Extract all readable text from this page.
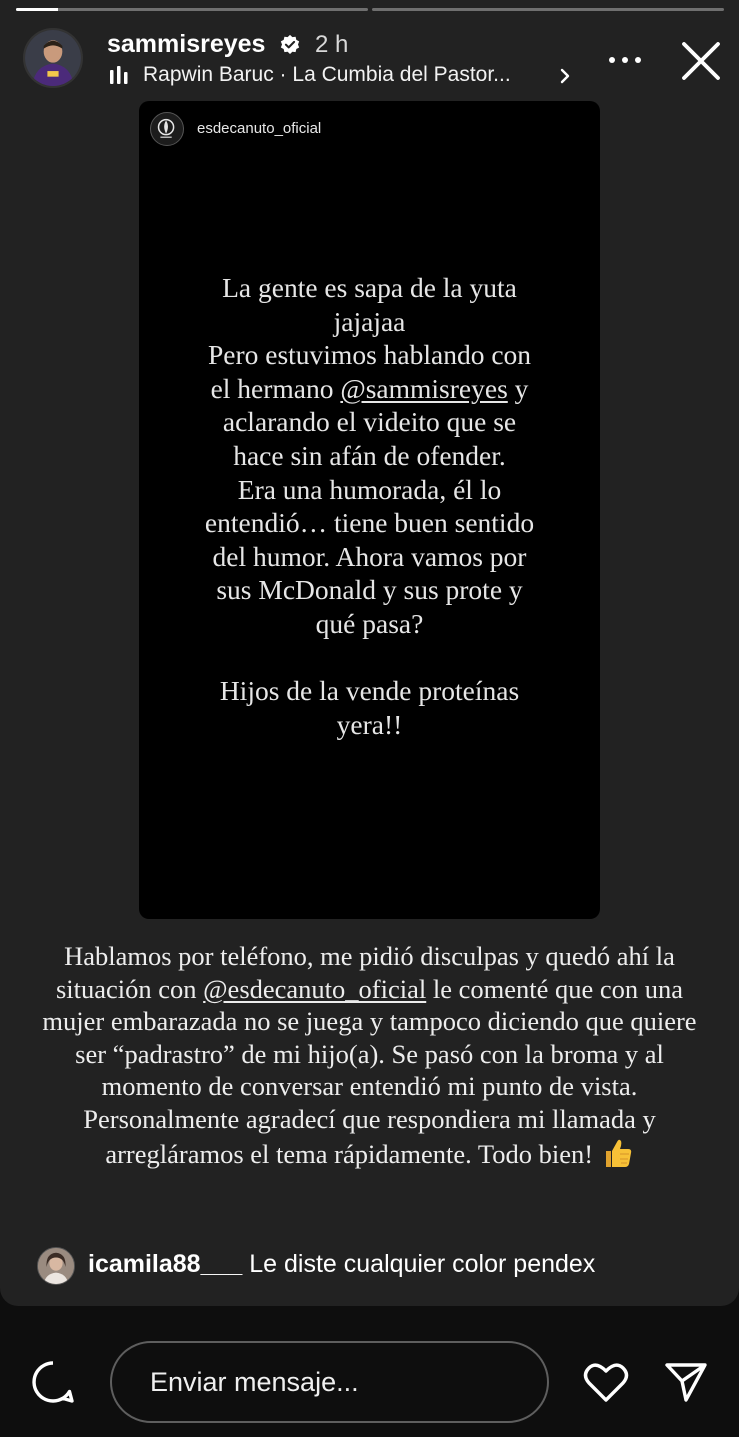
sammisreyes 2 h
Rapwin Baruc · La Cumbia del Pastor...
esdecanuto_oficial

La gente es sapa de la yuta

jajajaa

Pero estuvimos hablando con

el hermano @sammisreyes y

aclarando el videito que se

hace sin afán de ofender.

Era una humorada, él lo

entendió… tiene buen sentido

del humor. Ahora vamos por

sus McDonald y sus prote y

qué pasa?

Hijos de la vende proteínas

yera!!

Hablamos por teléfono, me pidió disculpas y quedó ahí la situación con @esdecanuto_oficial le comenté que con una mujer embarazada no se juega y tampoco diciendo que quiere ser “padrastro” de mi hijo(a). Se pasó con la broma y al momento de conversar entendió mi punto de vista. Personalmente agradecí que respondiera mi llamada y arregláramos el tema rápidamente. Todo bien!
icamila88___ Le diste cualquier color pendex
Enviar mensaje...
